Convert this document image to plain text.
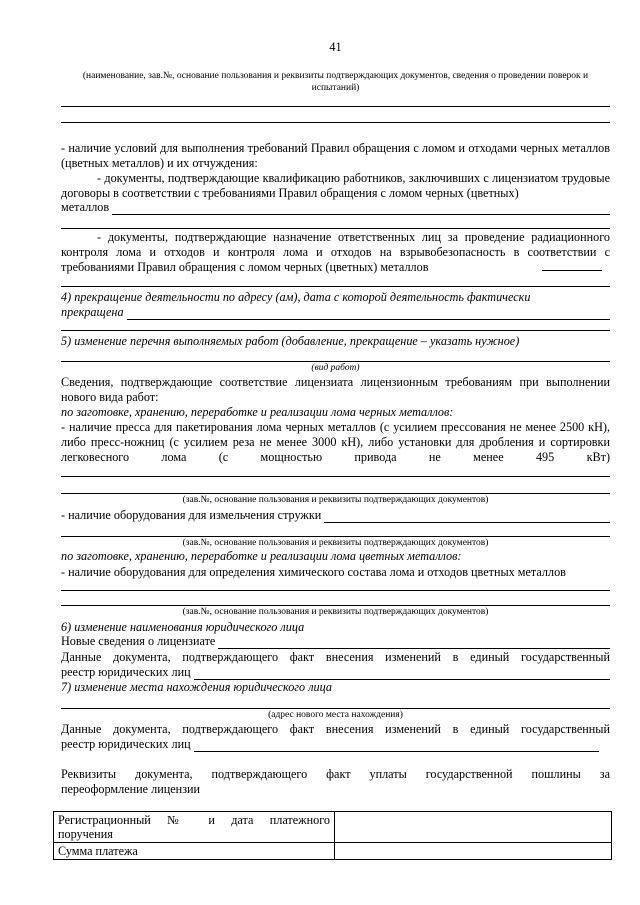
41
(наименование, зав.№, основание пользования и реквизиты подтверждающих документов, сведения о проведении поверок и испытаний)
- наличие условий для выполнения требований Правил обращения с ломом и отходами черных металлов (цветных металлов) и их отчуждения:
- документы, подтверждающие квалификацию работников, заключивших с лицензиатом трудовые договоры в соответствии с требованиями Правил обращения с ломом черных (цветных)
металлов
- документы, подтверждающие назначение ответственных лиц за проведение радиационного контроля лома и отходов и контроля лома и отходов на взрывобезопасность в соответствии с требованиями Правил обращения с ломом черных (цветных) металлов
4) прекращение деятельности по адресу (ам), дата с которой деятельность фактически
прекращена
5) изменение перечня выполняемых работ (добавление, прекращение – указать нужное)
(вид работ)
Сведения, подтверждающие соответствие лицензиата лицензионным требованиям при выполнении нового вида работ:
по заготовке, хранению, переработке и реализации лома черных металлов:
- наличие пресса для пакетирования лома черных металлов (с усилием прессования не менее 2500 кН), либо пресс-ножниц (с усилием реза не менее 3000 кН), либо установки для дробления и сортировки легковесного лома (с мощностью привода не менее 495 кВт)
(зав.№, основание пользования и реквизиты подтверждающих документов)
- наличие оборудования для измельчения стружки
(зав.№, основание пользования и реквизиты подтверждающих документов)
по заготовке, хранению, переработке и реализации лома цветных металлов:
- наличие оборудования для определения химического состава лома и отходов цветных металлов
(зав.№, основание пользования и реквизиты подтверждающих документов)
6) изменение наименования юридического лица
Новые сведения о лицензиате
Данные документа, подтверждающего факт внесения изменений в единый государственный
реестр юридических лиц
7) изменение места нахождения юридического лица
(адрес нового места нахождения)
Данные документа, подтверждающего факт внесения изменений в единый государственный
реестр юридических лиц
Реквизиты документа, подтверждающего факт уплаты государственной пошлины за
переоформление лицензии
Регистрационный № и дата платежного
поручения	

Сумма платежа	
